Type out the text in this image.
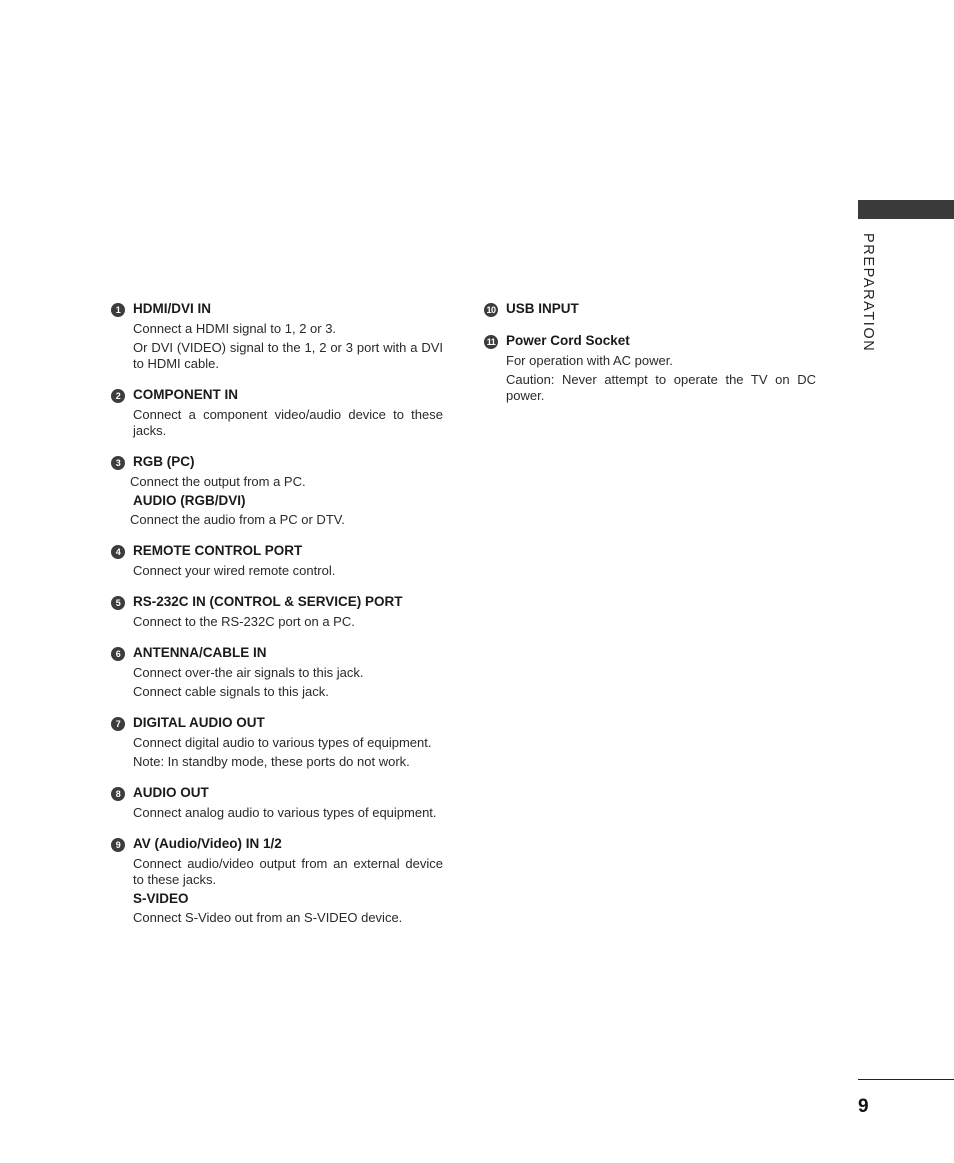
PREPARATION
1 HDMI/DVI IN
Connect a HDMI signal to 1, 2 or 3.
Or DVI (VIDEO) signal to the 1, 2 or 3 port with a DVI to HDMI cable.
2 COMPONENT IN
Connect a component video/audio device to these jacks.
3 RGB (PC)
Connect the output from a PC.
AUDIO (RGB/DVI)
Connect the audio from a PC or DTV.
4 REMOTE CONTROL PORT
Connect your wired remote control.
5 RS-232C IN (CONTROL & SERVICE) PORT
Connect to the RS-232C port on a PC.
6 ANTENNA/CABLE IN
Connect over-the air signals to this jack.
Connect cable signals to this jack.
7 DIGITAL AUDIO OUT
Connect digital audio to various types of equipment.
Note: In standby mode, these ports do not work.
8 AUDIO OUT
Connect analog audio to various types of equipment.
9 AV (Audio/Video) IN 1/2
Connect audio/video output from an external device to these jacks.
S-VIDEO
Connect S-Video out from an S-VIDEO device.
10 USB INPUT
11 Power Cord Socket
For operation with AC power.
Caution: Never attempt to operate the TV on DC power.
9
